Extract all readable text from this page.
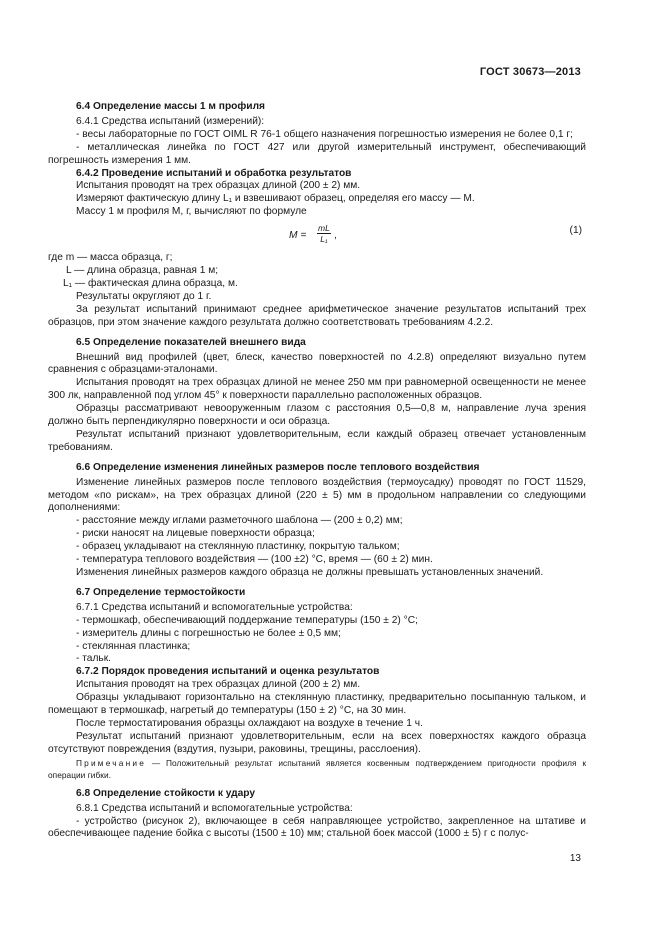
ГОСТ 30673—2013

6.4 Определение массы 1 м профиля

6.4.1 Средства испытаний (измерений):

- весы лабораторные по ГОСТ OIML R 76-1 общего назначения погрешностью измерения не более 0,1 г;

- металлическая линейка по ГОСТ 427 или другой измерительный инструмент, обеспечивающий погрешность измерения 1 мм.

6.4.2 Проведение испытаний и обработка результатов

Испытания проводят на трех образцах длиной (200 ± 2) мм.

Измеряют фактическую длину L₁ и взвешивают образец, определяя его массу — M.

Массу 1 м профиля M, г, вычисляют по формуле

$M = \frac{mL}{\text{L₁}}$ ,	(1)

где m — масса образца, г;

L — длина образца, равная 1 м;

L₁ — фактическая длина образца, м.

Результаты округляют до 1 г.

За результат испытаний принимают среднее арифметическое значение результатов испытаний трех образцов, при этом значение каждого результата должно соответствовать требованиям 4.2.2.

6.5 Определение показателей внешнего вида

Внешний вид профилей (цвет, блеск, качество поверхностей по 4.2.8) определяют визуально путем сравнения с образцами-эталонами.

Испытания проводят на трех образцах длиной не менее 250 мм при равномерной освещенности не менее 300 лк, направленной под углом 45° к поверхности параллельно расположенных образцов.

Образцы рассматривают невооруженным глазом с расстояния 0,5—0,8 м, направление луча зрения должно быть перпендикулярно поверхности и оси образца.

Результат испытаний признают удовлетворительным, если каждый образец отвечает установленным требованиям.

6.6 Определение изменения линейных размеров после теплового воздействия

Изменение линейных размеров после теплового воздействия (термоусадку) проводят по ГОСТ 11529, методом «по рискам», на трех образцах длиной (220 ± 5) мм в продольном направлении со следующими дополнениями:

- расстояние между иглами разметочного шаблона — (200 ± 0,2) мм;

- риски наносят на лицевые поверхности образца;

- образец укладывают на стеклянную пластинку, покрытую тальком;

- температура теплового воздействия — (100 ±2) °С, время — (60 ± 2) мин.

Изменения линейных размеров каждого образца не должны превышать установленных значений.

6.7 Определение термостойкости

6.7.1 Средства испытаний и вспомогательные устройства:

- термошкаф, обеспечивающий поддержание температуры (150 ± 2) °С;

- измеритель длины с погрешностью не более ± 0,5 мм;

- стеклянная пластинка;

- тальк.

6.7.2 Порядок проведения испытаний и оценка результатов

Испытания проводят на трех образцах длиной (200 ± 2) мм.

Образцы укладывают горизонтально на стеклянную пластинку, предварительно посыпанную тальком, и помещают в термошкаф, нагретый до температуры (150 ± 2) °С, на 30 мин.

После термостатирования образцы охлаждают на воздухе в течение 1 ч.

Результат испытаний признают удовлетворительным, если на всех поверхностях каждого образца отсутствуют повреждения (вздутия, пузыри, раковины, трещины, расслоения).

Примечание — Положительный результат испытаний является косвенным подтверждением пригодности профиля к операции гибки.

6.8 Определение стойкости к удару

6.8.1 Средства испытаний и вспомогательные устройства:

- устройство (рисунок 2), включающее в себя направляющее устройство, закрепленное на штативе и обеспечивающее падение бойка с высоты (1500 ± 10) мм; стальной боек массой (1000 ± 5) г с полус-

13
